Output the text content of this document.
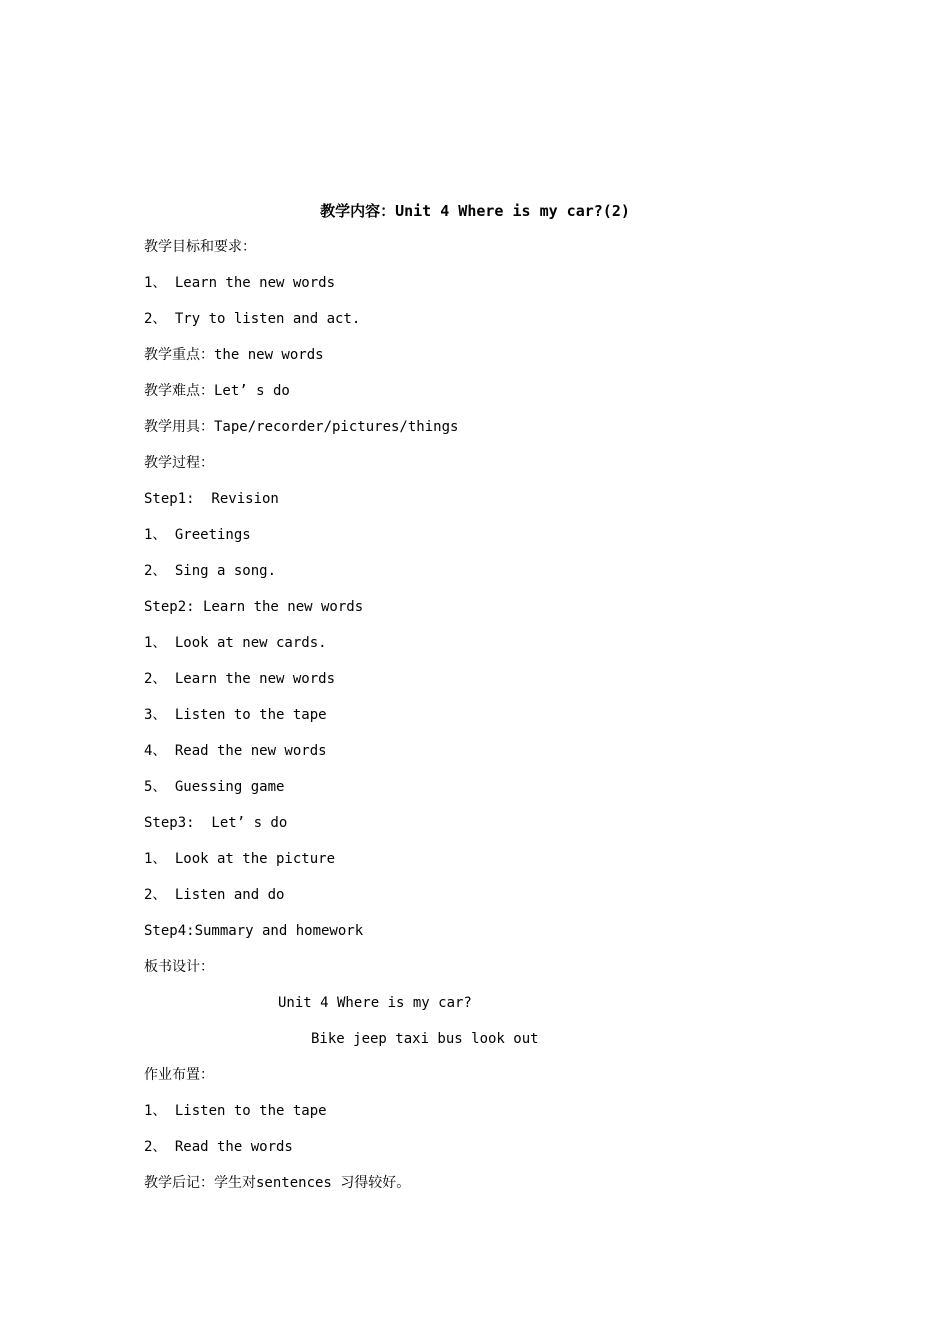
教学内容：Unit 4 Where is my car?(2)
教学目标和要求：
1、 Learn the new words
2、 Try to listen and act.
教学重点：the new words
教学难点：Let’ s do
教学用具：Tape/recorder/pictures/things
教学过程：
Step1:  Revision
1、 Greetings
2、 Sing a song.
Step2: Learn the new words
1、 Look at new cards.
2、 Learn the new words
3、 Listen to the tape
4、 Read the new words
5、 Guessing game
Step3:  Let’ s do
1、 Look at the picture
2、 Listen and do
Step4:Summary and homework
板书设计：
Unit 4 Where is my car?
Bike jeep taxi bus look out
作业布置：
1、 Listen to the tape
2、 Read the words
教学后记：学生对sentences 习得较好。
